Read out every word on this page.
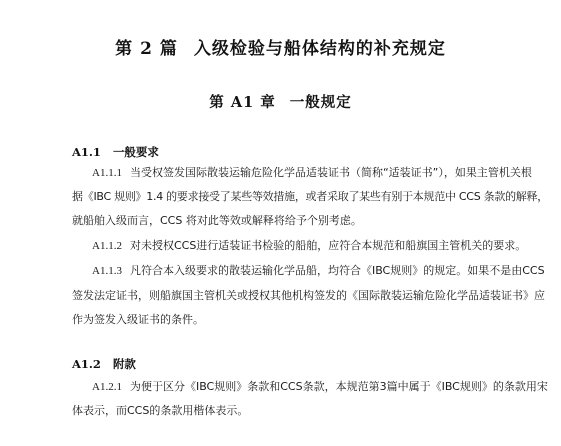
第 2 篇 入级检验与船体结构的补充规定
第 A1 章 一般规定
A1.1 一般要求
A1.1.1 当受权签发国际散装运输危险化学品适装证书（简称“适装证书”），如果主管机关根
据《IBC 规则》1.4 的要求接受了某些等效措施，或者采取了某些有别于本规范中 CCS 条款的解释，
就船舶入级而言，CCS 将对此等效或解释将给予个别考虑。
A1.1.2 对未授权CCS进行适装证书检验的船舶，应符合本规范和船旗国主管机关的要求。
A1.1.3 凡符合本入级要求的散装运输化学品船，均符合《IBC规则》的规定。如果不是由CCS
签发法定证书，则船旗国主管机关或授权其他机构签发的《国际散装运输危险化学品适装证书》应
作为签发入级证书的条件。
A1.2 附款
A1.2.1 为便于区分《IBC规则》条款和CCS条款，本规范第3篇中属于《IBC规则》的条款用宋
体表示，而CCS的条款用楷体表示。
